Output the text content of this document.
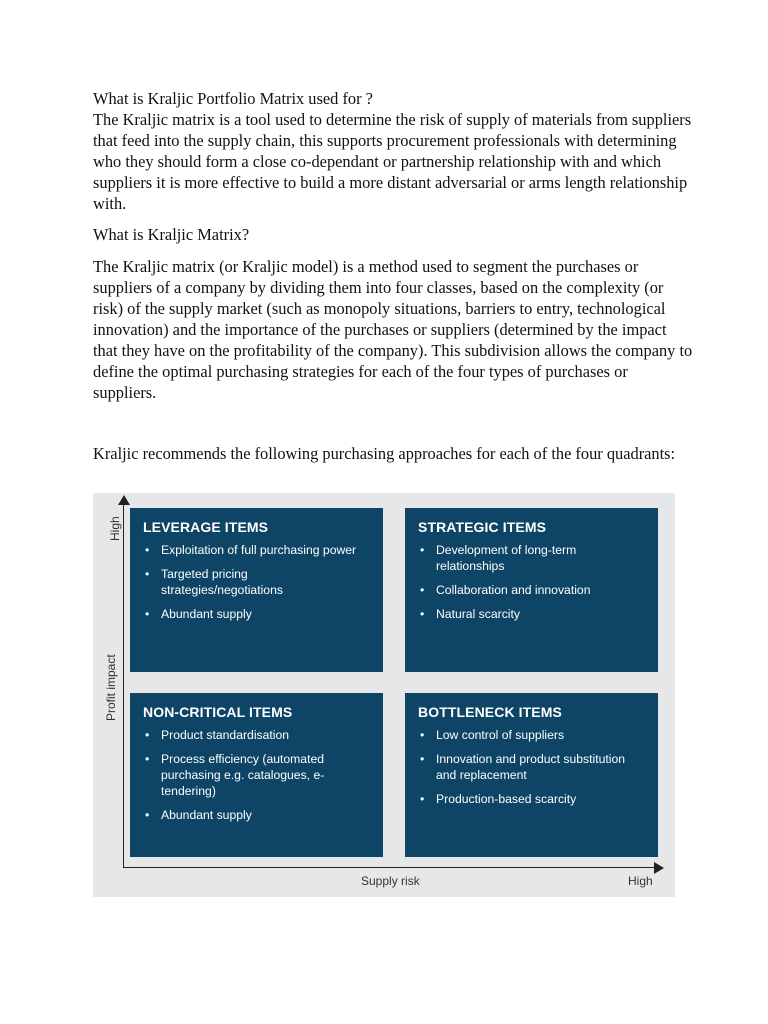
What is Kraljic Portfolio Matrix used for ?
The Kraljic matrix is a tool used to determine the risk of supply of materials from suppliers that feed into the supply chain, this supports procurement professionals with determining who they should form a close co-dependant or partnership relationship with and which suppliers it is more effective to build a more distant adversarial or arms length relationship with.

What is Kraljic Matrix?

The Kraljic matrix (or Kraljic model) is a method used to segment the purchases or suppliers of a company by dividing them into four classes, based on the complexity (or risk) of the supply market (such as monopoly situations, barriers to entry, technological innovation) and the importance of the purchases or suppliers (determined by the impact that they have on the profitability of the company). This subdivision allows the company to define the optimal purchasing strategies for each of the four types of purchases or suppliers.

Kraljic recommends the following purchasing approaches for each of the four quadrants:

LEVERAGE ITEMS
• Exploitation of full purchasing power
• Targeted pricing strategies/negotiations
• Abundant supply
STRATEGIC ITEMS
• Development of long-term relationships
• Collaboration and innovation
• Natural scarcity
NON-CRITICAL ITEMS
• Product standardisation
• Process efficiency (automated purchasing e.g. catalogues, e-tendering)
• Abundant supply
BOTTLENECK ITEMS
• Low control of suppliers
• Innovation and product substitution and replacement
• Production-based scarcity
High
Profit impact
Supply risk	High
